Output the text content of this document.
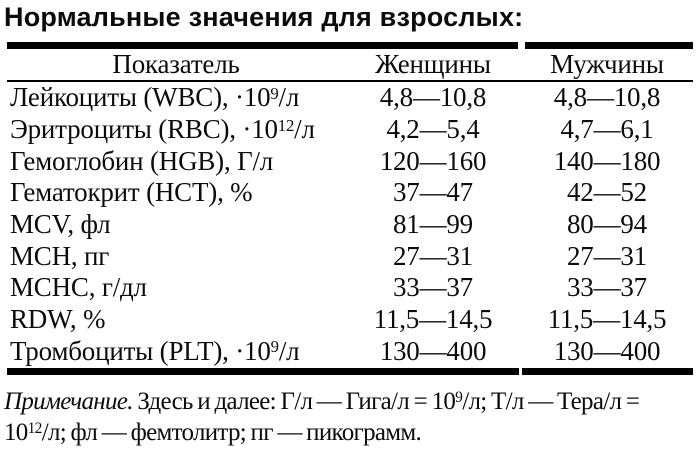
Нормальные значения для взрослых:
Показатель	Женщины	Мужчины
Лейкоциты (WBC), $\cdot 10^9/л$	4,8—10,8	4,8—10,8
Эритроциты (RBC), $\cdot 10^{12}/л$	4,2—5,4	4,7—6,1
Гемоглобин (HGB), Г/л	120—160	140—180
Гематокрит (HCT), %	37—47	42—52
MCV, фл	81—99	80—94
MCH, пг	27—31	27—31
MCHC, г/дл	33—37	33—37
RDW, %	11,5—14,5	11,5—14,5
Тромбоциты (PLT), $\cdot 10^9/л$	130—400	130—400

Примечание. Здесь и далее: Г/л — Гига/л = $10^9/л$; Т/л — Тера/л =
$10^{12}/л$; фл — фемтолитр; пг — пикограмм.
